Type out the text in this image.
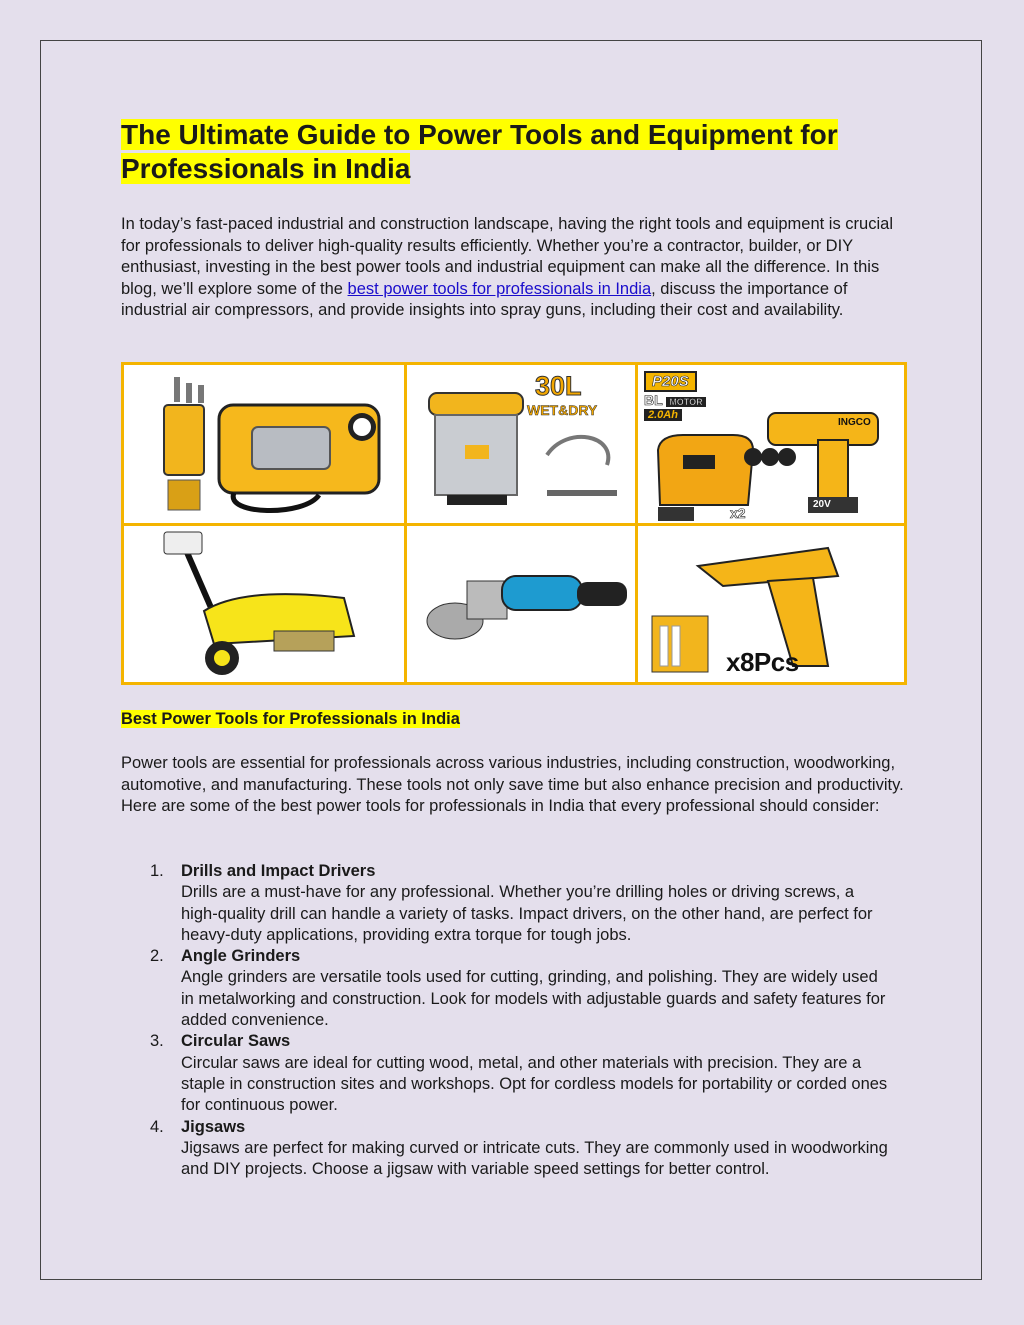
The Ultimate Guide to Power Tools and Equipment for Professionals in India

In today’s fast-paced industrial and construction landscape, having the right tools and equipment is crucial for professionals to deliver high-quality results efficiently. Whether you’re a contractor, builder, or DIY enthusiast, investing in the best power tools and industrial equipment can make all the difference. In this blog, we’ll explore some of the best power tools for professionals in India, discuss the importance of industrial air compressors, and provide insights into spray guns, including their cost and availability.

30L
WET&DRY
P20S
BL MOTOR
2.0Ah
x2
20V
INGCO
x8Pcs
Best Power Tools for Professionals in India

Power tools are essential for professionals across various industries, including construction, woodworking, automotive, and manufacturing. These tools not only save time but also enhance precision and productivity. Here are some of the best power tools for professionals in India that every professional should consider:

1. Drills and Impact Drivers
Drills are a must-have for any professional. Whether you’re drilling holes or driving screws, a high-quality drill can handle a variety of tasks. Impact drivers, on the other hand, are perfect for heavy-duty applications, providing extra torque for tough jobs.
2. Angle Grinders
Angle grinders are versatile tools used for cutting, grinding, and polishing. They are widely used in metalworking and construction. Look for models with adjustable guards and safety features for added convenience.
3. Circular Saws
Circular saws are ideal for cutting wood, metal, and other materials with precision. They are a staple in construction sites and workshops. Opt for cordless models for portability or corded ones for continuous power.
4. Jigsaws
Jigsaws are perfect for making curved or intricate cuts. They are commonly used in woodworking and DIY projects. Choose a jigsaw with variable speed settings for better control.
